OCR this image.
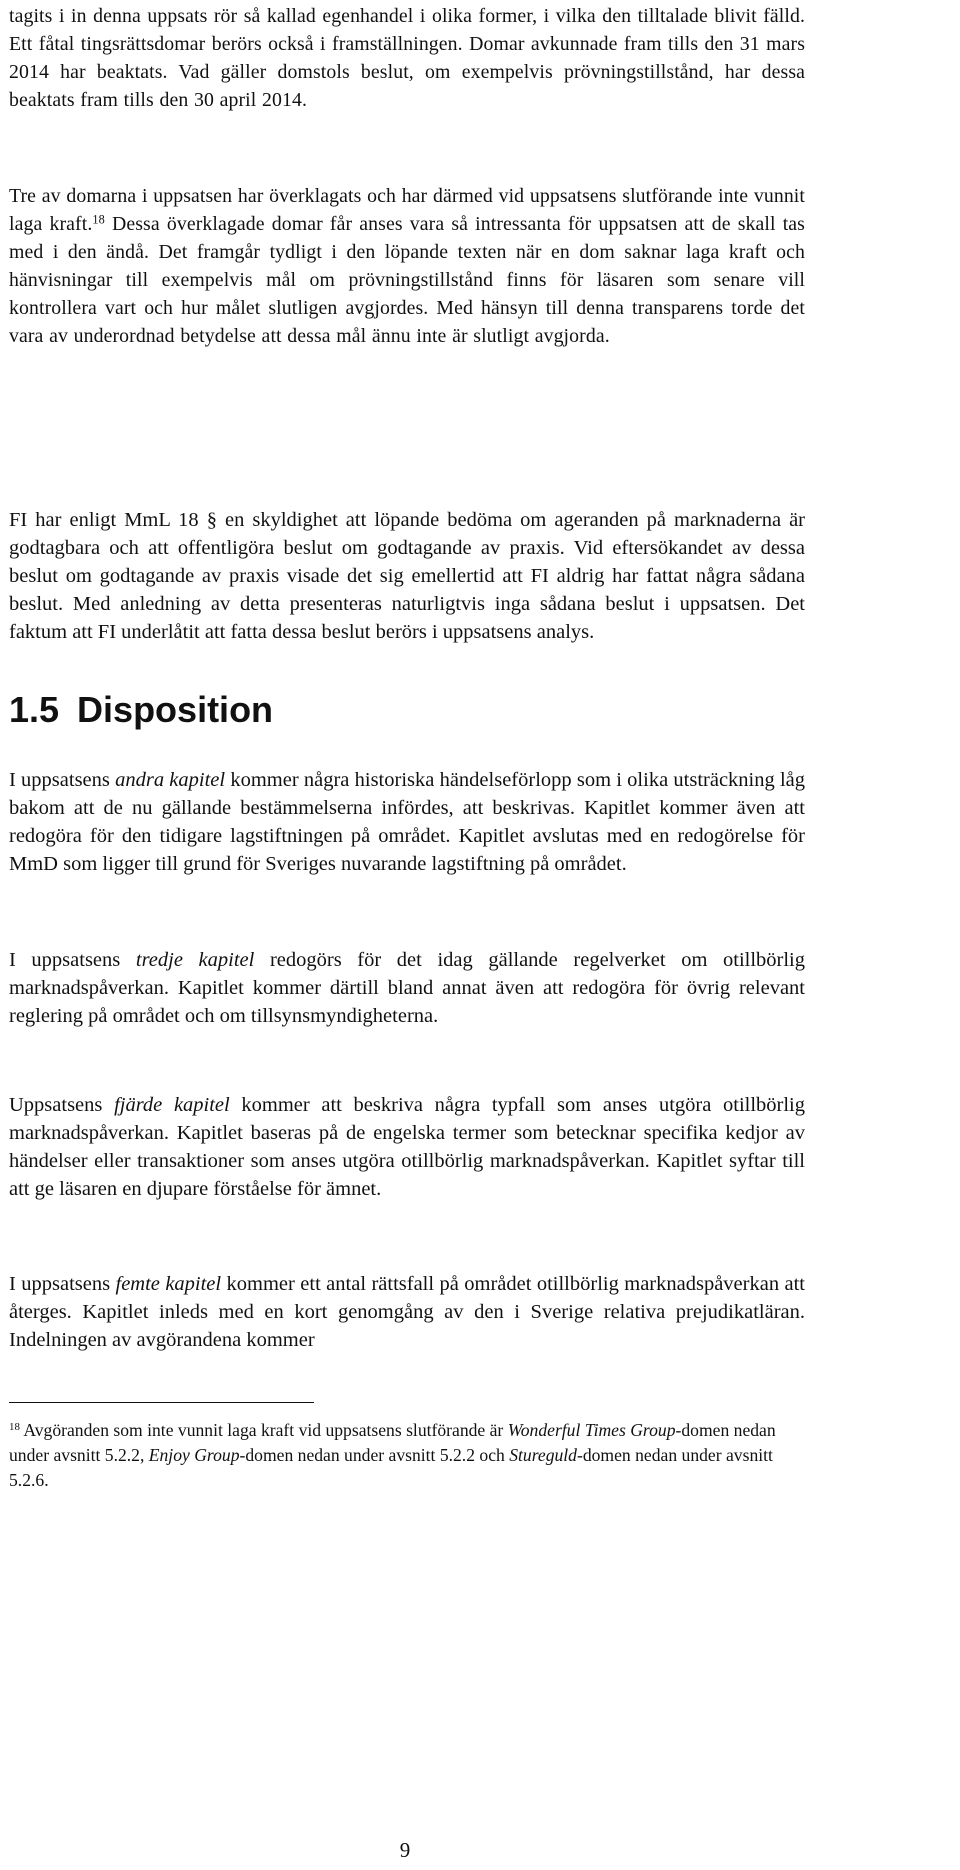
tagits i in denna uppsats rör så kallad egenhandel i olika former, i vilka den tilltalade blivit fälld. Ett fåtal tingsrättsdomar berörs också i framställningen. Domar avkunnade fram tills den 31 mars 2014 har beaktats. Vad gäller domstols beslut, om exempelvis prövningstillstånd, har dessa beaktats fram tills den 30 april 2014.

Tre av domarna i uppsatsen har överklagats och har därmed vid uppsatsens slutförande inte vunnit laga kraft.$^{18}$ Dessa överklagade domar får anses vara så intressanta för uppsatsen att de skall tas med i den ändå. Det framgår tydligt i den löpande texten när en dom saknar laga kraft och hänvisningar till exempelvis mål om prövningstillstånd finns för läsaren som senare vill kontrollera vart och hur målet slutligen avgjordes. Med hänsyn till denna transparens torde det vara av underordnad betydelse att dessa mål ännu inte är slutligt avgjorda.

FI har enligt MmL 18 § en skyldighet att löpande bedöma om ageranden på marknaderna är godtagbara och att offentligöra beslut om godtagande av praxis. Vid eftersökandet av dessa beslut om godtagande av praxis visade det sig emellertid att FI aldrig har fattat några sådana beslut. Med anledning av detta presenteras naturligtvis inga sådana beslut i uppsatsen. Det faktum att FI underlåtit att fatta dessa beslut berörs i uppsatsens analys.

1.5 Disposition

I uppsatsens andra kapitel kommer några historiska händelseförlopp som i olika utsträckning låg bakom att de nu gällande bestämmelserna infördes, att beskrivas. Kapitlet kommer även att redogöra för den tidigare lagstiftningen på området. Kapitlet avslutas med en redogörelse för MmD som ligger till grund för Sveriges nuvarande lagstiftning på området.

I uppsatsens tredje kapitel redogörs för det idag gällande regelverket om otillbörlig marknadspåverkan. Kapitlet kommer därtill bland annat även att redogöra för övrig relevant reglering på området och om tillsynsmyndigheterna.

Uppsatsens fjärde kapitel kommer att beskriva några typfall som anses utgöra otillbörlig marknadspåverkan. Kapitlet baseras på de engelska termer som betecknar specifika kedjor av händelser eller transaktioner som anses utgöra otillbörlig marknadspåverkan. Kapitlet syftar till att ge läsaren en djupare förståelse för ämnet.

I uppsatsens femte kapitel kommer ett antal rättsfall på området otillbörlig marknadspåverkan att återges. Kapitlet inleds med en kort genomgång av den i Sverige relativa prejudikatläran. Indelningen av avgörandena kommer

$^{18}$ Avgöranden som inte vunnit laga kraft vid uppsatsens slutförande är Wonderful Times Group-domen nedan under avsnitt 5.2.2, Enjoy Group-domen nedan under avsnitt 5.2.2 och Stureguld-domen nedan under avsnitt 5.2.6.

9
